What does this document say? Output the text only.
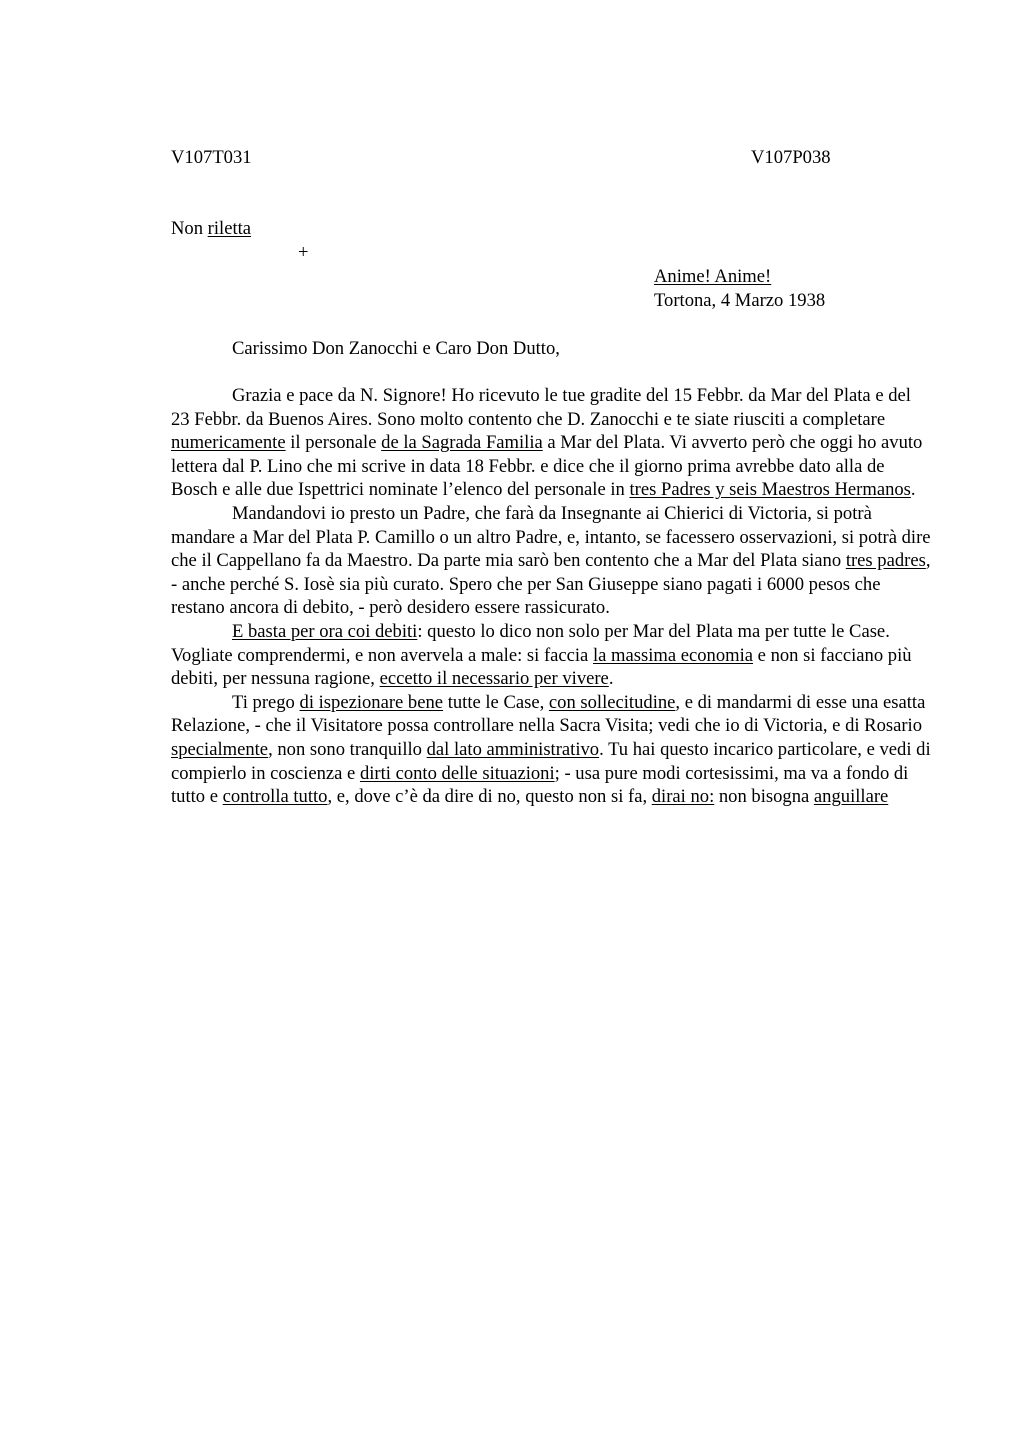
V107T031	V107P038
Non riletta
+
Anime! Anime!
Tortona, 4 Marzo 1938
Carissimo Don Zanocchi e Caro Don Dutto,

Grazia e pace da N. Signore! Ho ricevuto le tue gradite del 15 Febbr. da Mar del Plata e del 23 Febbr. da Buenos Aires. Sono molto contento che D. Zanocchi e te siate riusciti a completare numericamente il personale de la Sagrada Familia a Mar del Plata. Vi avverto però che oggi ho avuto lettera dal P. Lino che mi scrive in data 18 Febbr. e dice che il giorno prima avrebbe dato alla de Bosch e alle due Ispettrici nominate l’elenco del personale in tres Padres y seis Maestros Hermanos.

Mandandovi io presto un Padre, che farà da Insegnante ai Chierici di Victoria, si potrà mandare a Mar del Plata P. Camillo o un altro Padre, e, intanto, se facessero osservazioni, si potrà dire che il Cappellano fa da Maestro. Da parte mia sarò ben contento che a Mar del Plata siano tres padres, - anche perché S. Iosè sia più curato. Spero che per San Giuseppe siano pagati i 6000 pesos che restano ancora di debito, - però desidero essere rassicurato.

E basta per ora coi debiti: questo lo dico non solo per Mar del Plata ma per tutte le Case. Vogliate comprendermi, e non avervela a male: si faccia la massima economia e non si facciano più debiti, per nessuna ragione, eccetto il necessario per vivere.

Ti prego di ispezionare bene tutte le Case, con sollecitudine, e di mandarmi di esse una esatta Relazione, - che il Visitatore possa controllare nella Sacra Visita; vedi che io di Victoria, e di Rosario specialmente, non sono tranquillo dal lato amministrativo. Tu hai questo incarico particolare, e vedi di compierlo in coscienza e dirti conto delle situazioni; - usa pure modi cortesissimi, ma va a fondo di tutto e controlla tutto, e, dove c’è da dire di no, questo non si fa, dirai no: non bisogna anguillare
